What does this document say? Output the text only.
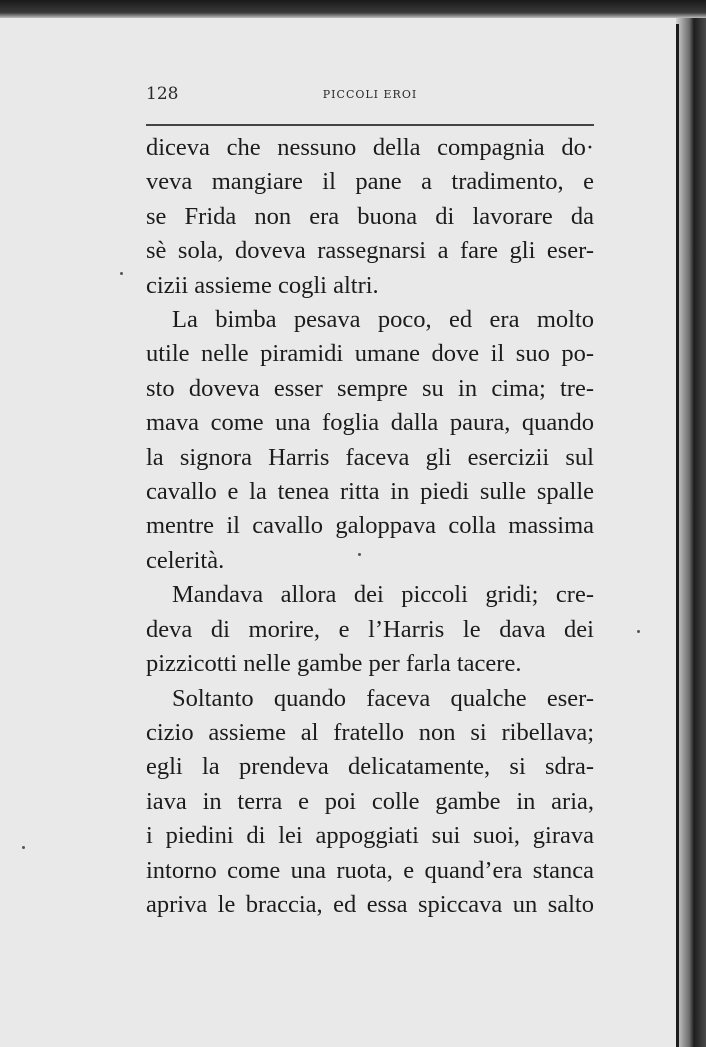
128	PICCOLI EROI
diceva che nessuno della compagnia do·
veva mangiare il pane a tradimento, e
se Frida non era buona di lavorare da
sè sola, doveva rassegnarsi a fare gli eser-
cizii assieme cogli altri.
La bimba pesava poco, ed era molto
utile nelle piramidi umane dove il suo po-
sto doveva esser sempre su in cima; tre-
mava come una foglia dalla paura, quando
la signora Harris faceva gli esercizii sul
cavallo e la tenea ritta in piedi sulle spalle
mentre il cavallo galoppava colla massima
celerità.
Mandava allora dei piccoli gridi; cre-
deva di morire, e l’Harris le dava dei
pizzicotti nelle gambe per farla tacere.
Soltanto quando faceva qualche eser-
cizio assieme al fratello non si ribellava;
egli la prendeva delicatamente, si sdra-
iava in terra e poi colle gambe in aria,
i piedini di lei appoggiati sui suoi, girava
intorno come una ruota, e quand’era stanca
apriva le braccia, ed essa spiccava un salto
